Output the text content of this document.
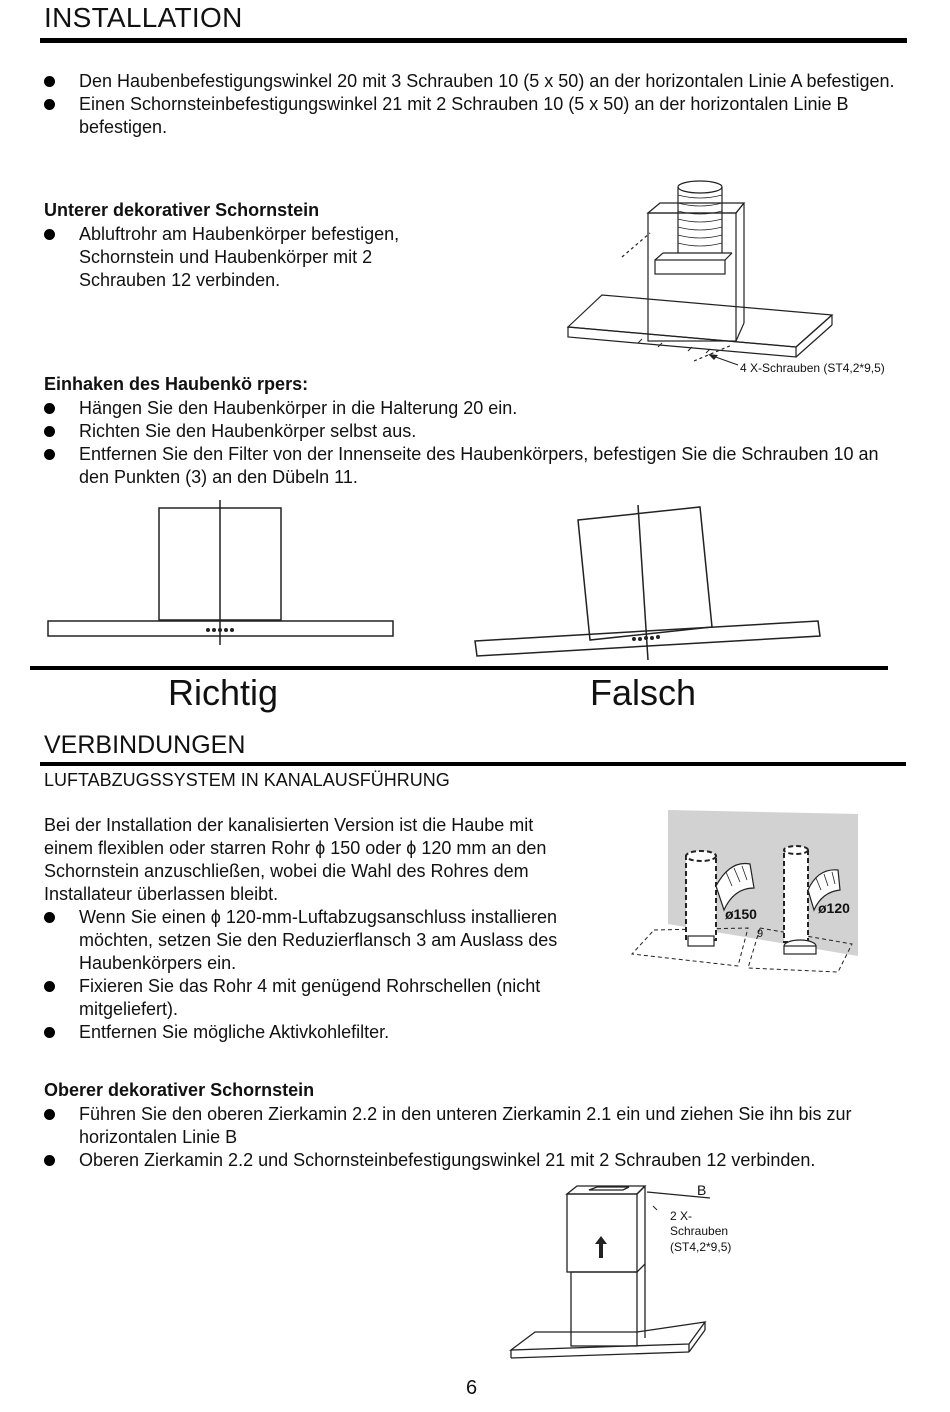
INSTALLATION
Den Haubenbefestigungswinkel 20 mit 3 Schrauben 10 (5 x 50) an der horizontalen Linie A befestigen.
Einen Schornsteinbefestigungswinkel 21 mit 2 Schrauben 10 (5 x 50) an der horizontalen Linie B befestigen.
Unterer dekorativer Schornstein
Abluftrohr am Haubenkörper befestigen, Schornstein und Haubenkörper mit 2 Schrauben 12 verbinden.
4 X-Schrauben (ST4,2*9,5)
Einhaken des Haubenkö rpers:
Hängen Sie den Haubenkörper in die Halterung 20 ein.
Richten Sie den Haubenkörper selbst aus.
Entfernen Sie den Filter von der Innenseite des Haubenkörpers, befestigen Sie die Schrauben 10 an den Punkten (3) an den Dübeln 11.
Richtig	Falsch
VERBINDUNGEN
LUFTABZUGSSYSTEM IN KANALAUSFÜHRUNG
Bei der Installation der kanalisierten Version ist die Haube mit einem flexiblen oder starren Rohr ϕ 150 oder ϕ 120 mm an den Schornstein anzuschließen, wobei die Wahl des Rohres dem Installateur überlassen bleibt.
Wenn Sie einen ϕ 120-mm-Luftabzugsanschluss installieren möchten, setzen Sie den Reduzierflansch 3 am Auslass des Haubenkörpers ein.
Fixieren Sie das Rohr 4 mit genügend Rohrschellen (nicht mitgeliefert).
Entfernen Sie mögliche Aktivkohlefilter.
ø150	ø120
9
Oberer dekorativer Schornstein
Führen Sie den oberen Zierkamin 2.2 in den unteren Zierkamin 2.1 ein und ziehen Sie ihn bis zur horizontalen Linie B
Oberen Zierkamin 2.2 und Schornsteinbefestigungswinkel 21 mit 2 Schrauben 12 verbinden.
B
2 X-
Schrauben
(ST4,2*9,5)
6
